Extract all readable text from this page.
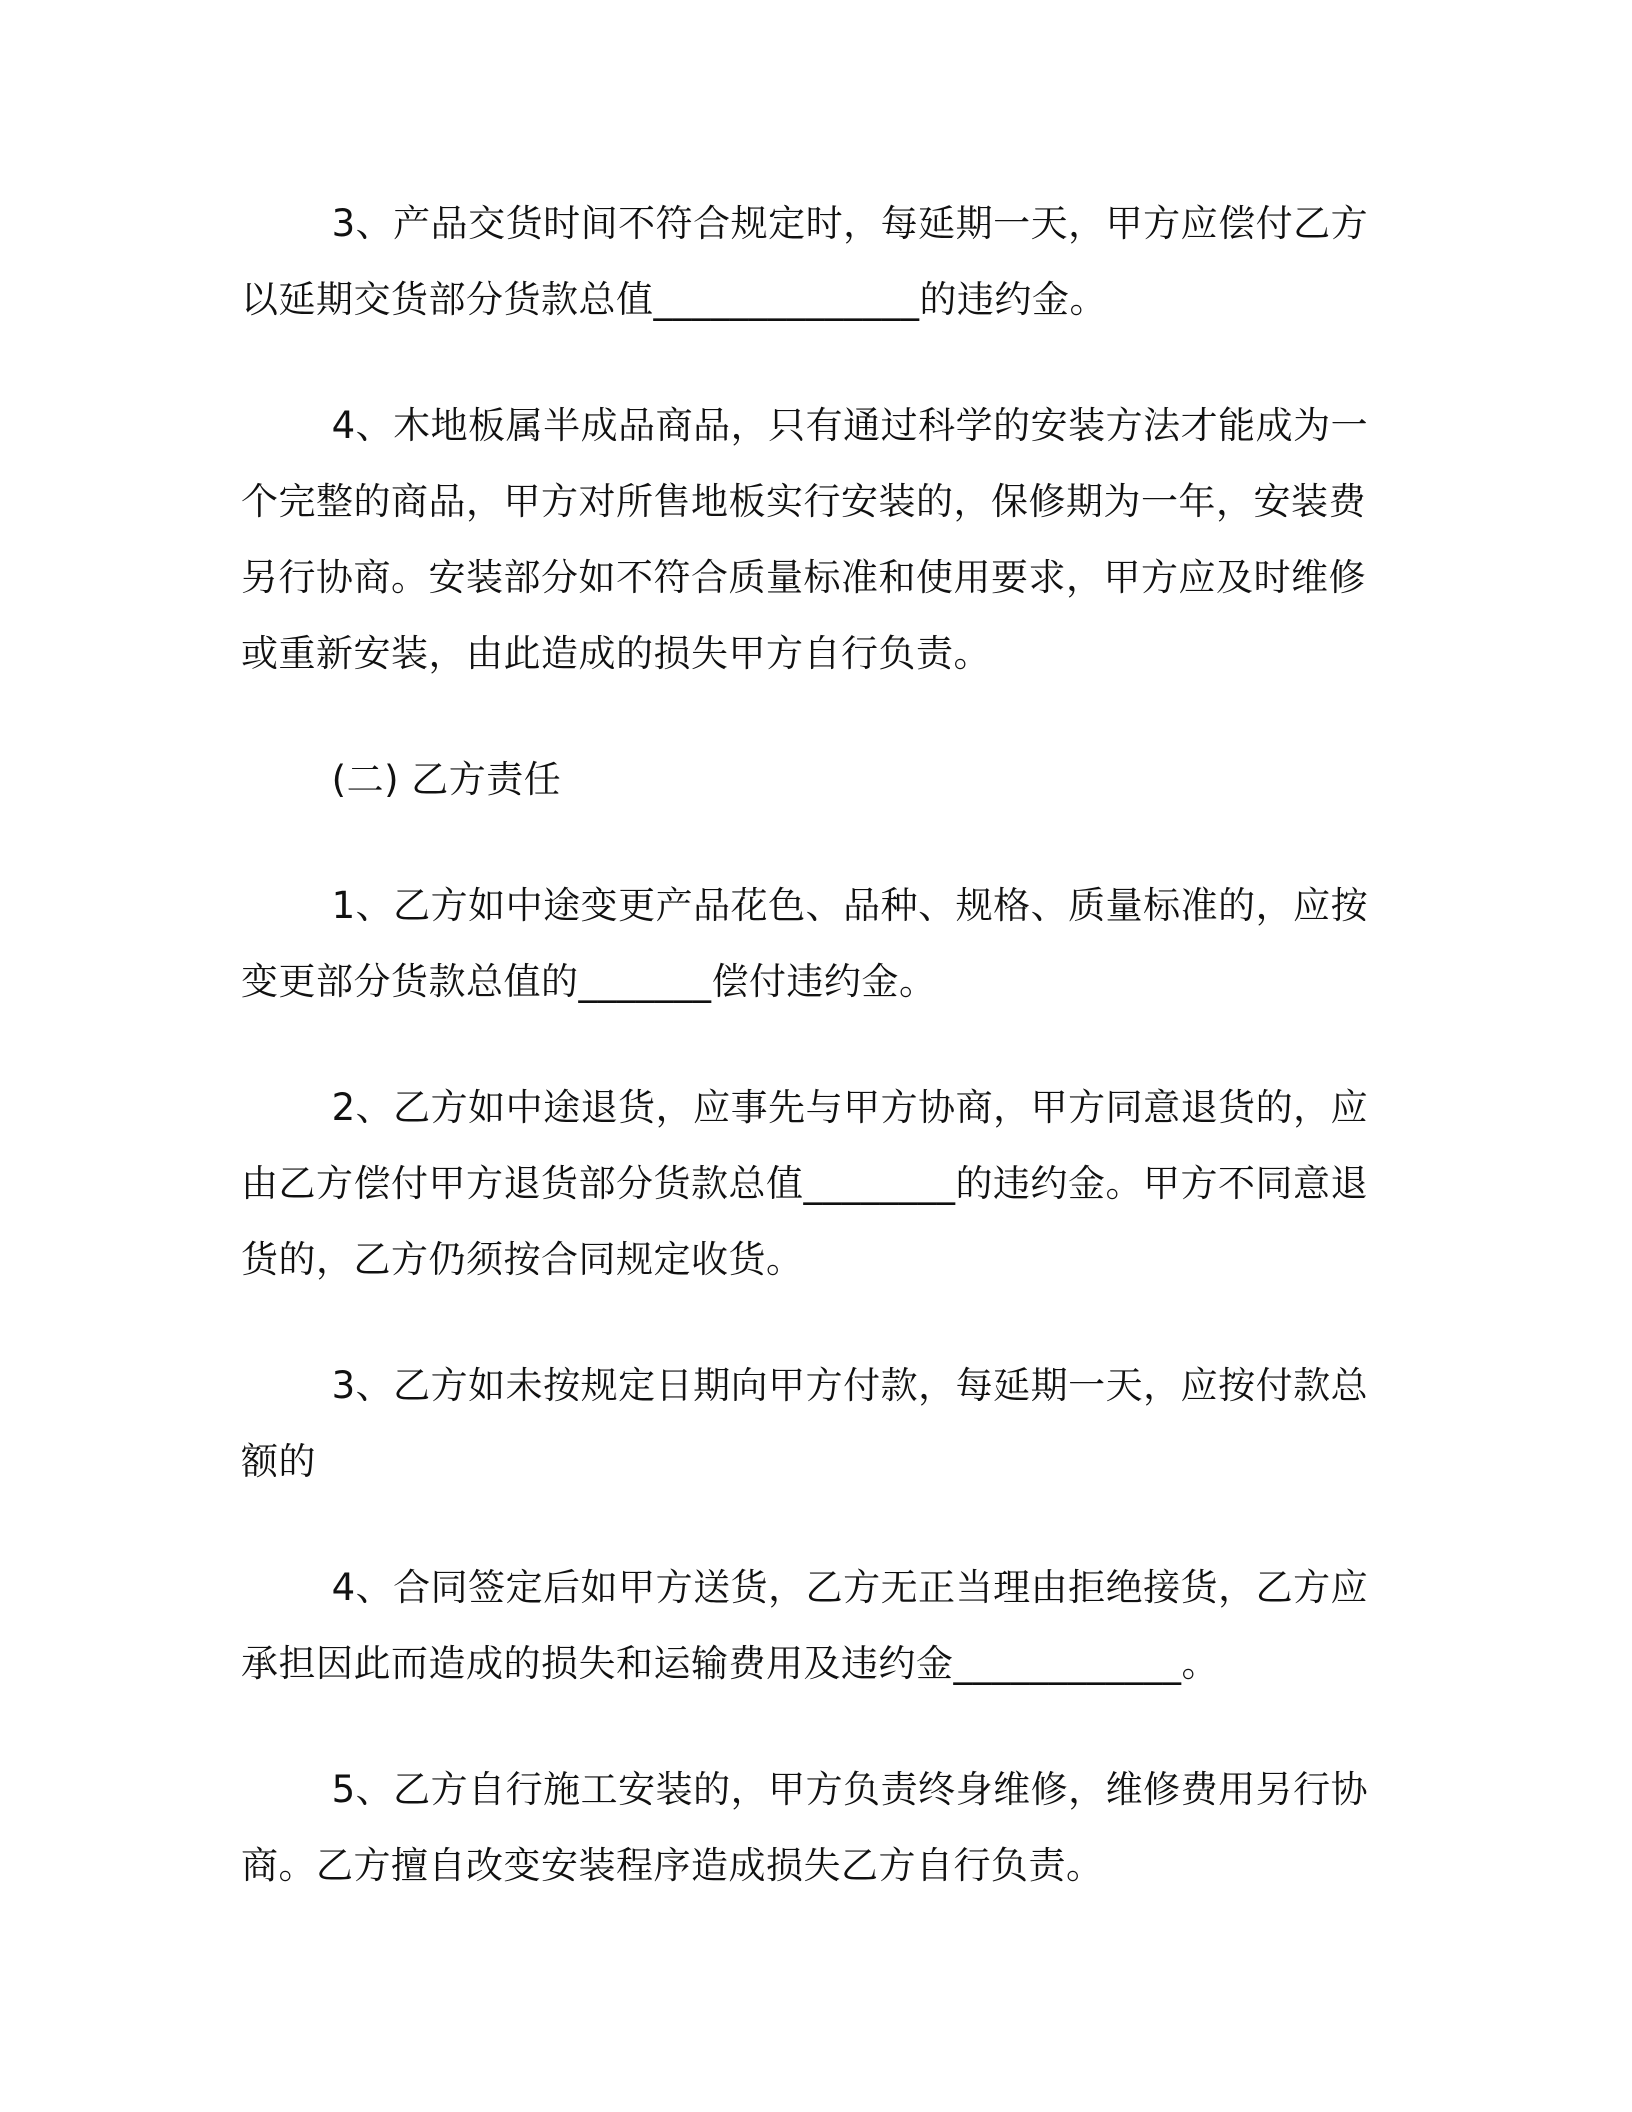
3、产品交货时间不符合规定时，每延期一天，甲方应偿付乙方以延期交货部分货款总值______________的违约金。

4、木地板属半成品商品，只有通过科学的安装方法才能成为一个完整的商品，甲方对所售地板实行安装的，保修期为一年，安装费另行协商。安装部分如不符合质量标准和使用要求，甲方应及时维修或重新安装，由此造成的损失甲方自行负责。

(二) 乙方责任

1、乙方如中途变更产品花色、品种、规格、质量标准的，应按变更部分货款总值的_______偿付违约金。

2、乙方如中途退货，应事先与甲方协商，甲方同意退货的，应由乙方偿付甲方退货部分货款总值________的违约金。甲方不同意退货的，乙方仍须按合同规定收货。

3、乙方如未按规定日期向甲方付款，每延期一天，应按付款总额的

4、合同签定后如甲方送货，乙方无正当理由拒绝接货，乙方应承担因此而造成的损失和运输费用及违约金____________。

5、乙方自行施工安装的，甲方负责终身维修，维修费用另行协商。乙方擅自改变安装程序造成损失乙方自行负责。
